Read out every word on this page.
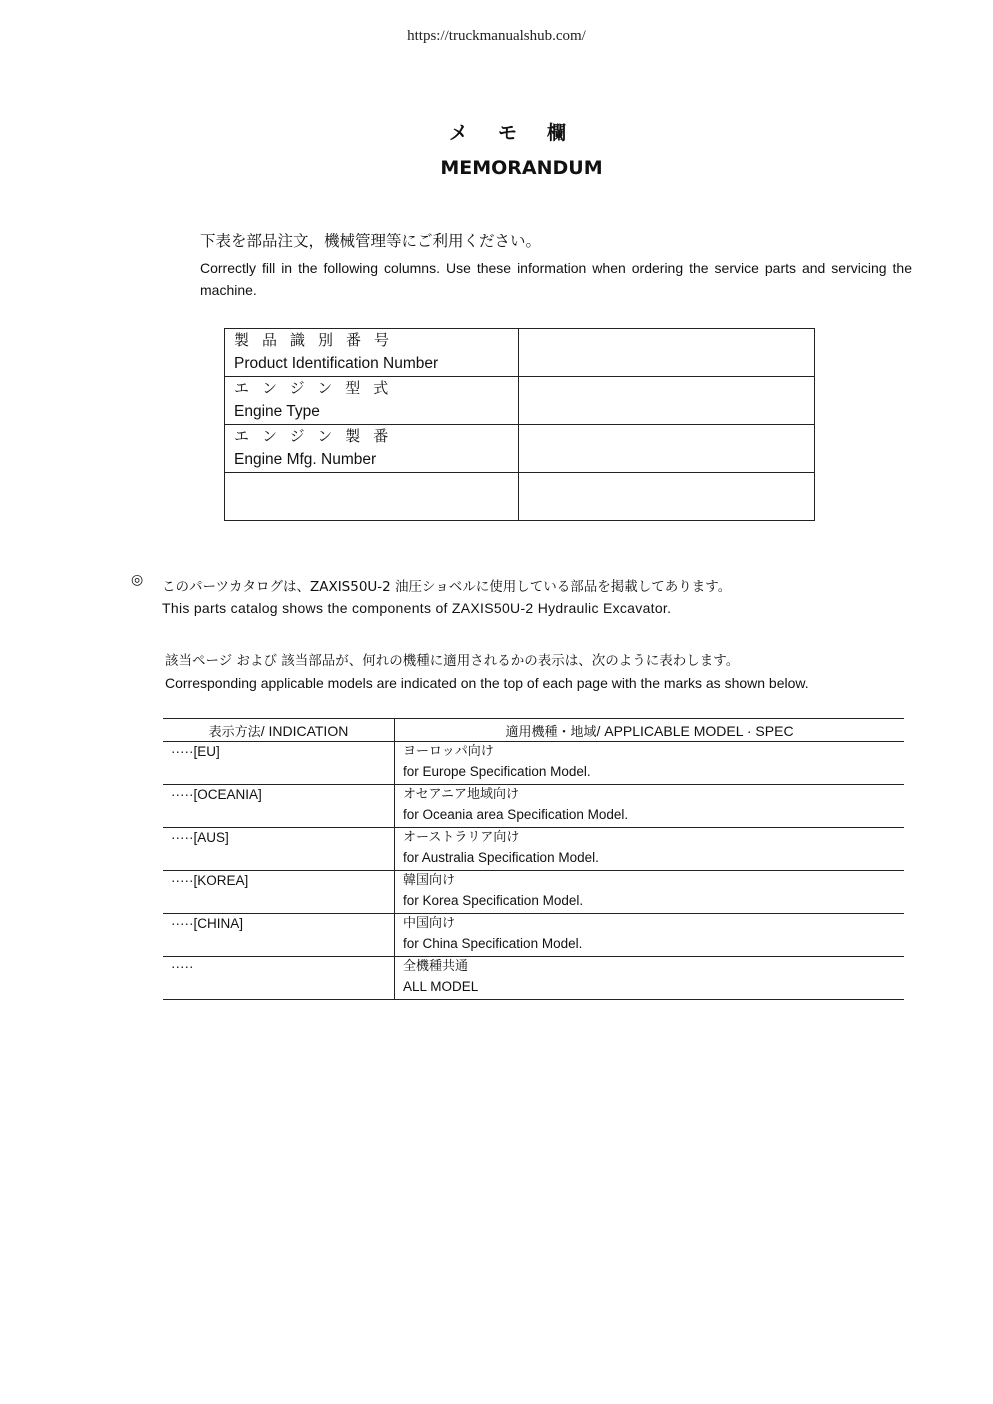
https://truckmanualshub.com/
メモ欄
MEMORANDUM
下表を部品注文，機械管理等にご利用ください。
Correctly fill in the following columns. Use these information when ordering the service parts and servicing the machine.
製品識別番号
Product Identification Number	

エンジン型式
Engine Type	

エンジン製番
Engine Mfg. Number	

◎ このパーツカタログは、ZAXIS50U-2 油圧ショベルに使用している部品を掲載してあります。
This parts catalog shows the components of ZAXIS50U-2 Hydraulic Excavator.
該当ページ および 該当部品が、何れの機種に適用されるかの表示は、次のように表わします。
Corresponding applicable models are indicated on the top of each page with the marks as shown below.
表示方法/ INDICATION	適用機種・地域/ APPLICABLE MODEL · SPEC
·····[EU]	ヨーロッパ向け
for Europe Specification Model.

·····[OCEANIA]	オセアニア地域向け
for Oceania area Specification Model.

·····[AUS]	オーストラリア向け
for Australia Specification Model.

·····[KOREA]	韓国向け
for Korea Specification Model.

·····[CHINA]	中国向け
for China Specification Model.

·····	全機種共通
ALL MODEL
